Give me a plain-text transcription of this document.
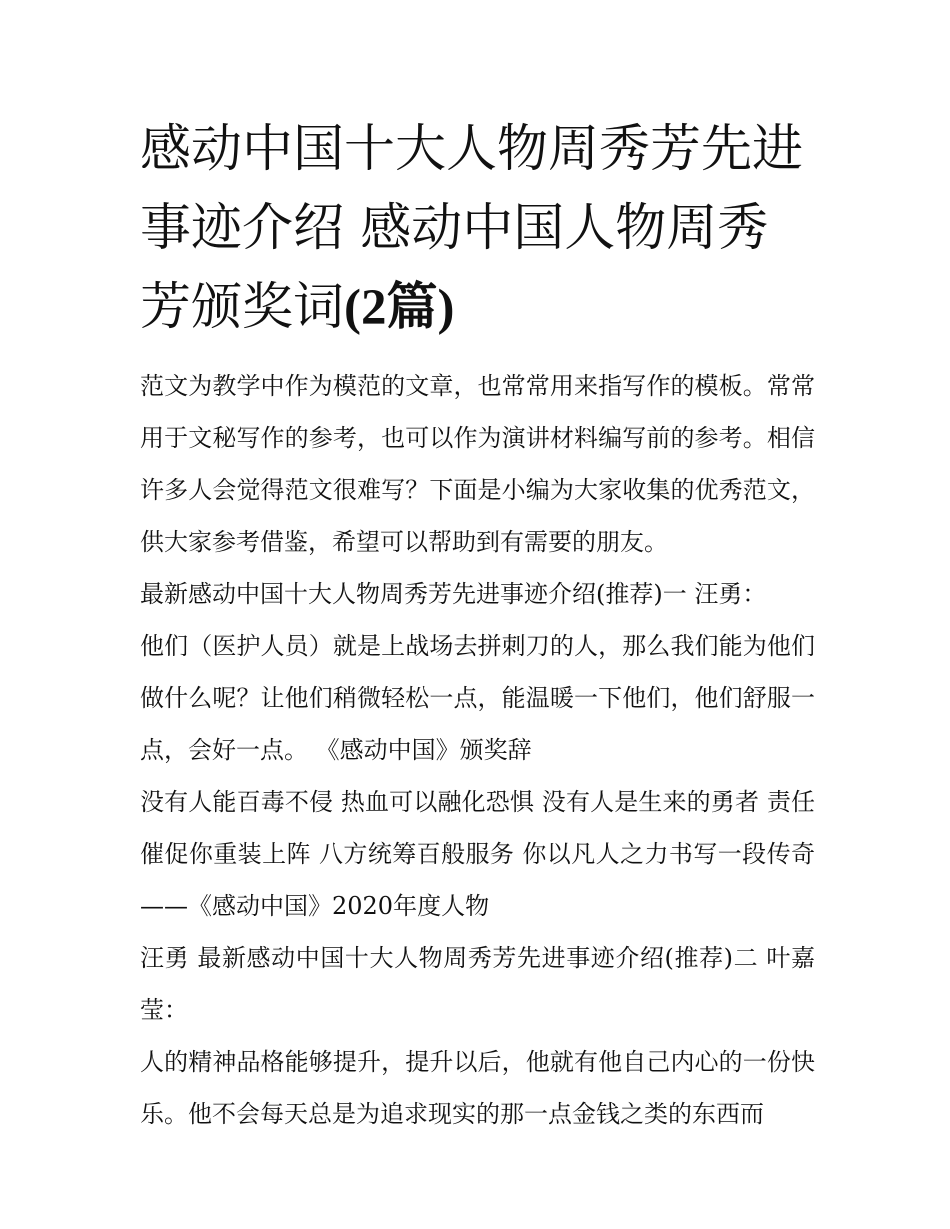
感动中国十大人物周秀芳先进事迹介绍 感动中国人物周秀芳颁奖词(2篇)

范文为教学中作为模范的文章，也常常用来指写作的模板。常常用于文秘写作的参考，也可以作为演讲材料编写前的参考。相信许多人会觉得范文很难写？下面是小编为大家收集的优秀范文，供大家参考借鉴，希望可以帮助到有需要的朋友。

最新感动中国十大人物周秀芳先进事迹介绍(推荐)一 汪勇：

他们（医护人员）就是上战场去拼刺刀的人，那么我们能为他们做什么呢？让他们稍微轻松一点，能温暖一下他们，他们舒服一点，会好一点。 《感动中国》颁奖辞

没有人能百毒不侵 热血可以融化恐惧 没有人是生来的勇者 责任催促你重装上阵 八方统筹百般服务 你以凡人之力书写一段传奇 ——《感动中国》2020年度人物

汪勇 最新感动中国十大人物周秀芳先进事迹介绍(推荐)二 叶嘉莹：

人的精神品格能够提升，提升以后，他就有他自己内心的一份快乐。他不会每天总是为追求现实的那一点金钱之类的东西而
